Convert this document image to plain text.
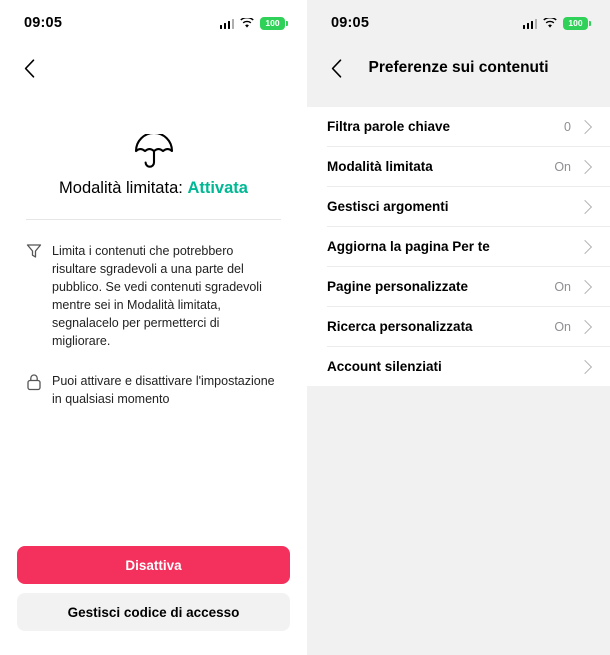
09:05	100
Modalità limitata: Attivata
Limita i contenuti che potrebbero risultare sgradevoli a una parte del pubblico. Se vedi contenuti sgradevoli mentre sei in Modalità limitata, segnalacelo per permetterci di migliorare.
Puoi attivare e disattivare l'impostazione in qualsiasi momento
Disattiva
Gestisci codice di accesso
09:05	100
Preferenze sui contenuti
Filtra parole chiave	0
Modalità limitata	On
Gestisci argomenti
Aggiorna la pagina Per te
Pagine personalizzate	On
Ricerca personalizzata	On
Account silenziati
